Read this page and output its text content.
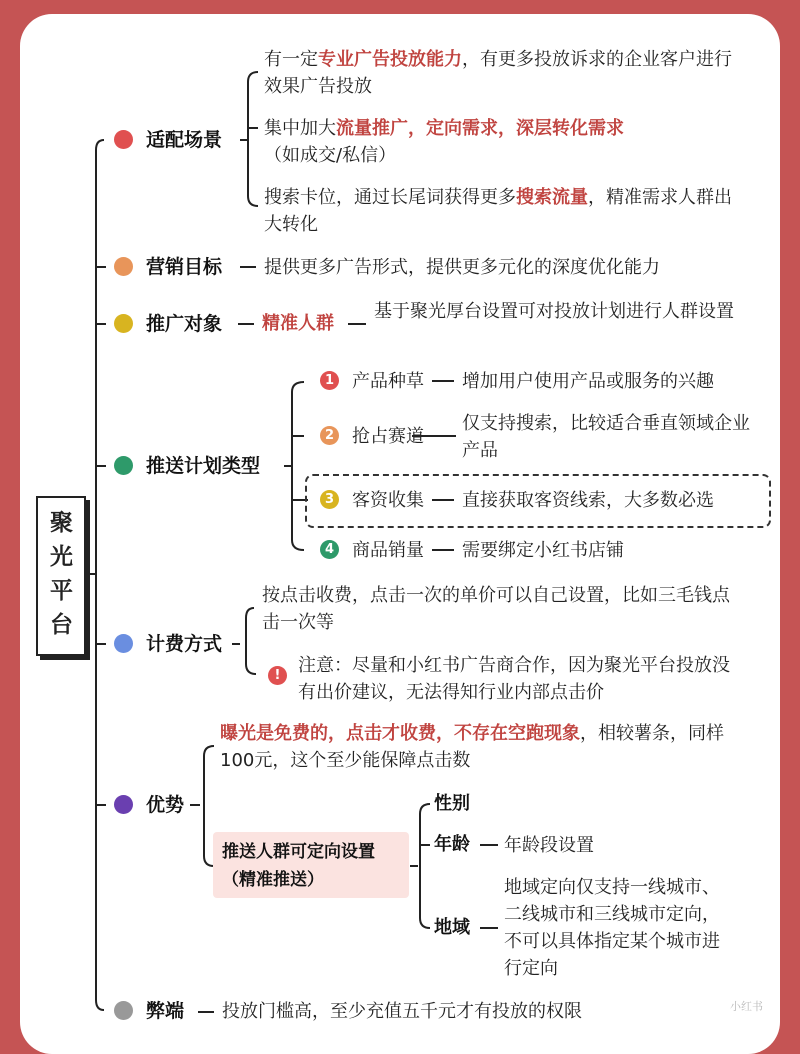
聚光平台
适配场景
有一定专业广告投放能力，有更多投放诉求的企业客户进行效果广告投放
集中加大流量推广，定向需求，深层转化需求
（如成交/私信）
搜索卡位，通过长尾词获得更多搜索流量，精准需求人群出大转化
营销目标 提供更多广告形式，提供更多元化的深度优化能力
推广对象 精准人群
基于聚光厚台设置可对投放计划进行人群设置
推送计划类型
1 产品种草 增加用户使用产品或服务的兴趣
2 抢占赛道
仅支持搜索，比较适合垂直领域企业产品
3 客资收集 直接获取客资线索，大多数必选
4 商品销量 需要绑定小红书店铺
计费方式
按点击收费，点击一次的单价可以自己设置，比如三毛钱点击一次等
! 注意：尽量和小红书广告商合作，因为聚光平台投放没有出价建议，无法得知行业内部点击价
优势
曝光是免费的，点击才收费，不存在空跑现象，相较薯条，同样100元，这个至少能保障点击数
推送人群可定向设置（精准推送）
性别
年龄 年龄段设置
地域
地域定向仅支持一线城市、二线城市和三线城市定向，不可以具体指定某个城市进行定向
弊端 投放门槛高，至少充值五千元才有投放的权限	小红书
